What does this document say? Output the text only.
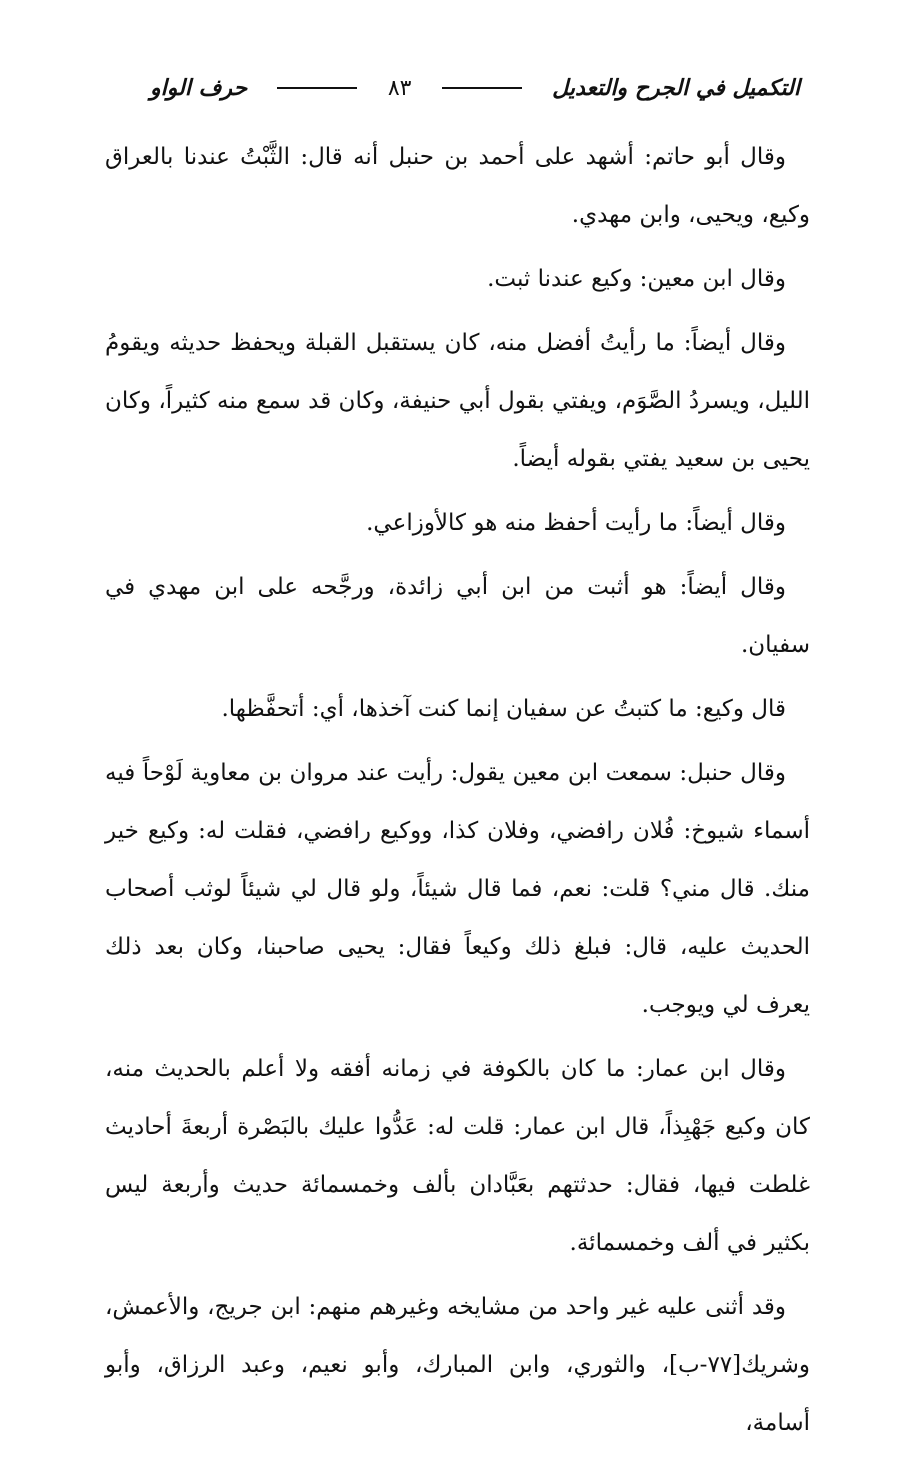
التكميل في الجرح والتعديل
٨٣
حرف الواو

وقال أبو حاتم: أشهد على أحمد بن حنبل أنه قال: الثَّبْتُ عندنا بالعراق وكيع، ويحيى، وابن مهدي.

وقال ابن معين: وكيع عندنا ثبت.

وقال أيضاً: ما رأيتُ أفضل منه، كان يستقبل القبلة ويحفظ حديثه ويقومُ الليل، ويسردُ الصَّوَم، ويفتي بقول أبي حنيفة، وكان قد سمع منه كثيراً، وكان يحيى بن سعيد يفتي بقوله أيضاً.

وقال أيضاً: ما رأيت أحفظ منه هو كالأوزاعي.

وقال أيضاً: هو أثبت من ابن أبي زائدة، ورجَّحه على ابن مهدي في سفيان.

قال وكيع: ما كتبتُ عن سفيان إنما كنت آخذها، أي: أتحفَّظها.

وقال حنبل: سمعت ابن معين يقول: رأيت عند مروان بن معاوية لَوْحاً فيه أسماء شيوخ: فُلان رافضي، وفلان كذا، ووكيع رافضي، فقلت له: وكيع خير منك. قال مني؟ قلت: نعم، فما قال شيئاً، ولو قال لي شيئاً لوثب أصحاب الحديث عليه، قال: فبلغ ذلك وكيعاً فقال: يحيى صاحبنا، وكان بعد ذلك يعرف لي ويوجب.

وقال ابن عمار: ما كان بالكوفة في زمانه أفقه ولا أعلم بالحديث منه، كان وكيع جَهْبِذاً، قال ابن عمار: قلت له: عَدُّوا عليك بالبَصْرة أربعةَ أحاديث غلطت فيها، فقال: حدثتهم بعَبَّادان بألف وخمسمائة حديث وأربعة ليس بكثير في ألف وخمسمائة.

وقد أثنى عليه غير واحد من مشايخه وغيرهم منهم: ابن جريج، والأعمش، وشريك[٧٧-ب]، والثوري، وابن المبارك، وأبو نعيم، وعبد الرزاق، وأبو أسامة،
